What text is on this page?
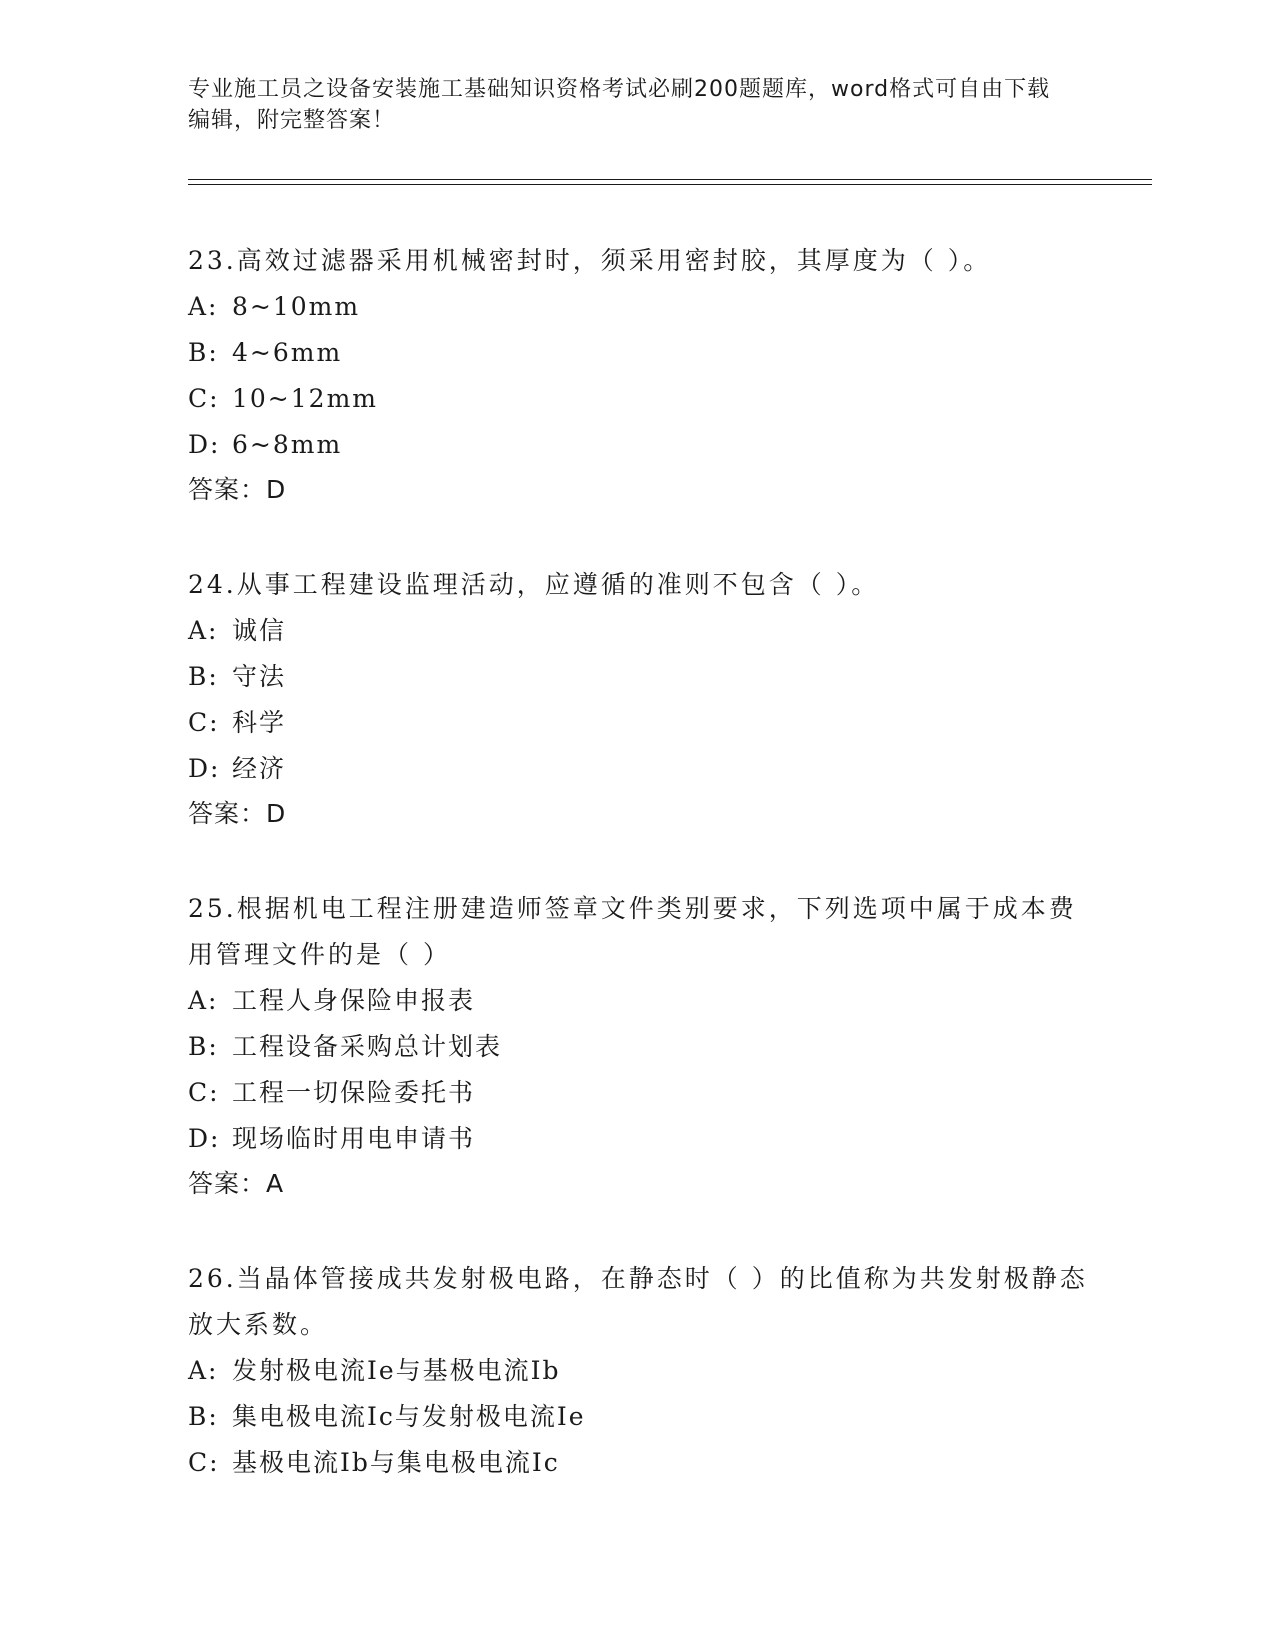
专业施工员之设备安装施工基础知识资格考试必刷200题题库，word格式可自由下载编辑，附完整答案！

23.高效过滤器采用机械密封时，须采用密封胶，其厚度为（ ）。

A: 8~10mm
B: 4~6mm
C: 10~12mm
D: 6~8mm
答案：D

24.从事工程建设监理活动，应遵循的准则不包含（ ）。

A: 诚信
B: 守法
C: 科学
D: 经济
答案：D

25.根据机电工程注册建造师签章文件类别要求，下列选项中属于成本费用管理文件的是（ ）

A: 工程人身保险申报表
B: 工程设备采购总计划表
C: 工程一切保险委托书
D: 现场临时用电申请书
答案：A

26.当晶体管接成共发射极电路，在静态时（ ）的比值称为共发射极静态放大系数。

A: 发射极电流Ie与基极电流Ib
B: 集电极电流Ic与发射极电流Ie
C: 基极电流Ib与集电极电流Ic
